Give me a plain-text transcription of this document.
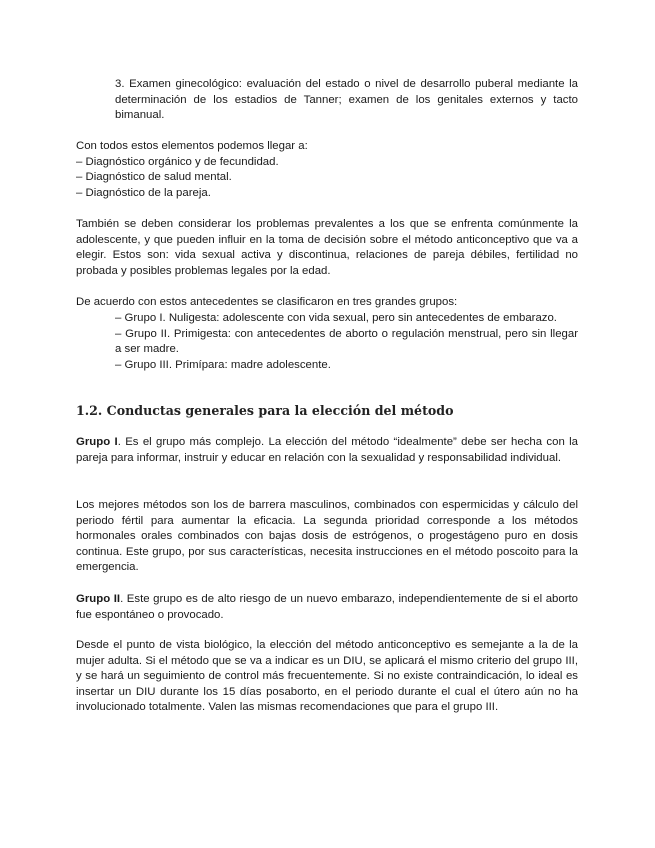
3. Examen ginecológico: evaluación del estado o nivel de desarrollo puberal mediante la determinación de los estadios de Tanner; examen de los genitales externos y tacto bimanual.

Con todos estos elementos podemos llegar a:
– Diagnóstico orgánico y de fecundidad.
– Diagnóstico de salud mental.
– Diagnóstico de la pareja.

También se deben considerar los problemas prevalentes a los que se enfrenta comúnmente la adolescente, y que pueden influir en la toma de decisión sobre el método anticonceptivo que va a elegir. Estos son: vida sexual activa y discontinua, relaciones de pareja débiles, fertilidad no probada y posibles problemas legales por la edad.

De acuerdo con estos antecedentes se clasificaron en tres grandes grupos:

– Grupo I. Nuligesta: adolescente con vida sexual, pero sin antecedentes de embarazo.
– Grupo II. Primigesta: con antecedentes de aborto o regulación menstrual, pero sin llegar a ser madre.
– Grupo III. Primípara: madre adolescente.
1.2. Conductas generales para la elección del método

Grupo I. Es el grupo más complejo. La elección del método “idealmente” debe ser hecha con la pareja para informar, instruir y educar en relación con la sexualidad y responsabilidad individual.

Los mejores métodos son los de barrera masculinos, combinados con espermicidas y cálculo del periodo fértil para aumentar la eficacia. La segunda prioridad corresponde a los métodos hormonales orales combinados con bajas dosis de estrógenos, o progestágeno puro en dosis continua. Este grupo, por sus características, necesita instrucciones en el método poscoito para la emergencia.

Grupo II. Este grupo es de alto riesgo de un nuevo embarazo, independientemente de si el aborto fue espontáneo o provocado.

Desde el punto de vista biológico, la elección del método anticonceptivo es semejante a la de la mujer adulta. Si el método que se va a indicar es un DIU, se aplicará el mismo criterio del grupo III, y se hará un seguimiento de control más frecuentemente. Si no existe contraindicación, lo ideal es insertar un DIU durante los 15 días posaborto, en el periodo durante el cual el útero aún no ha involucionado totalmente. Valen las mismas recomendaciones que para el grupo III.
